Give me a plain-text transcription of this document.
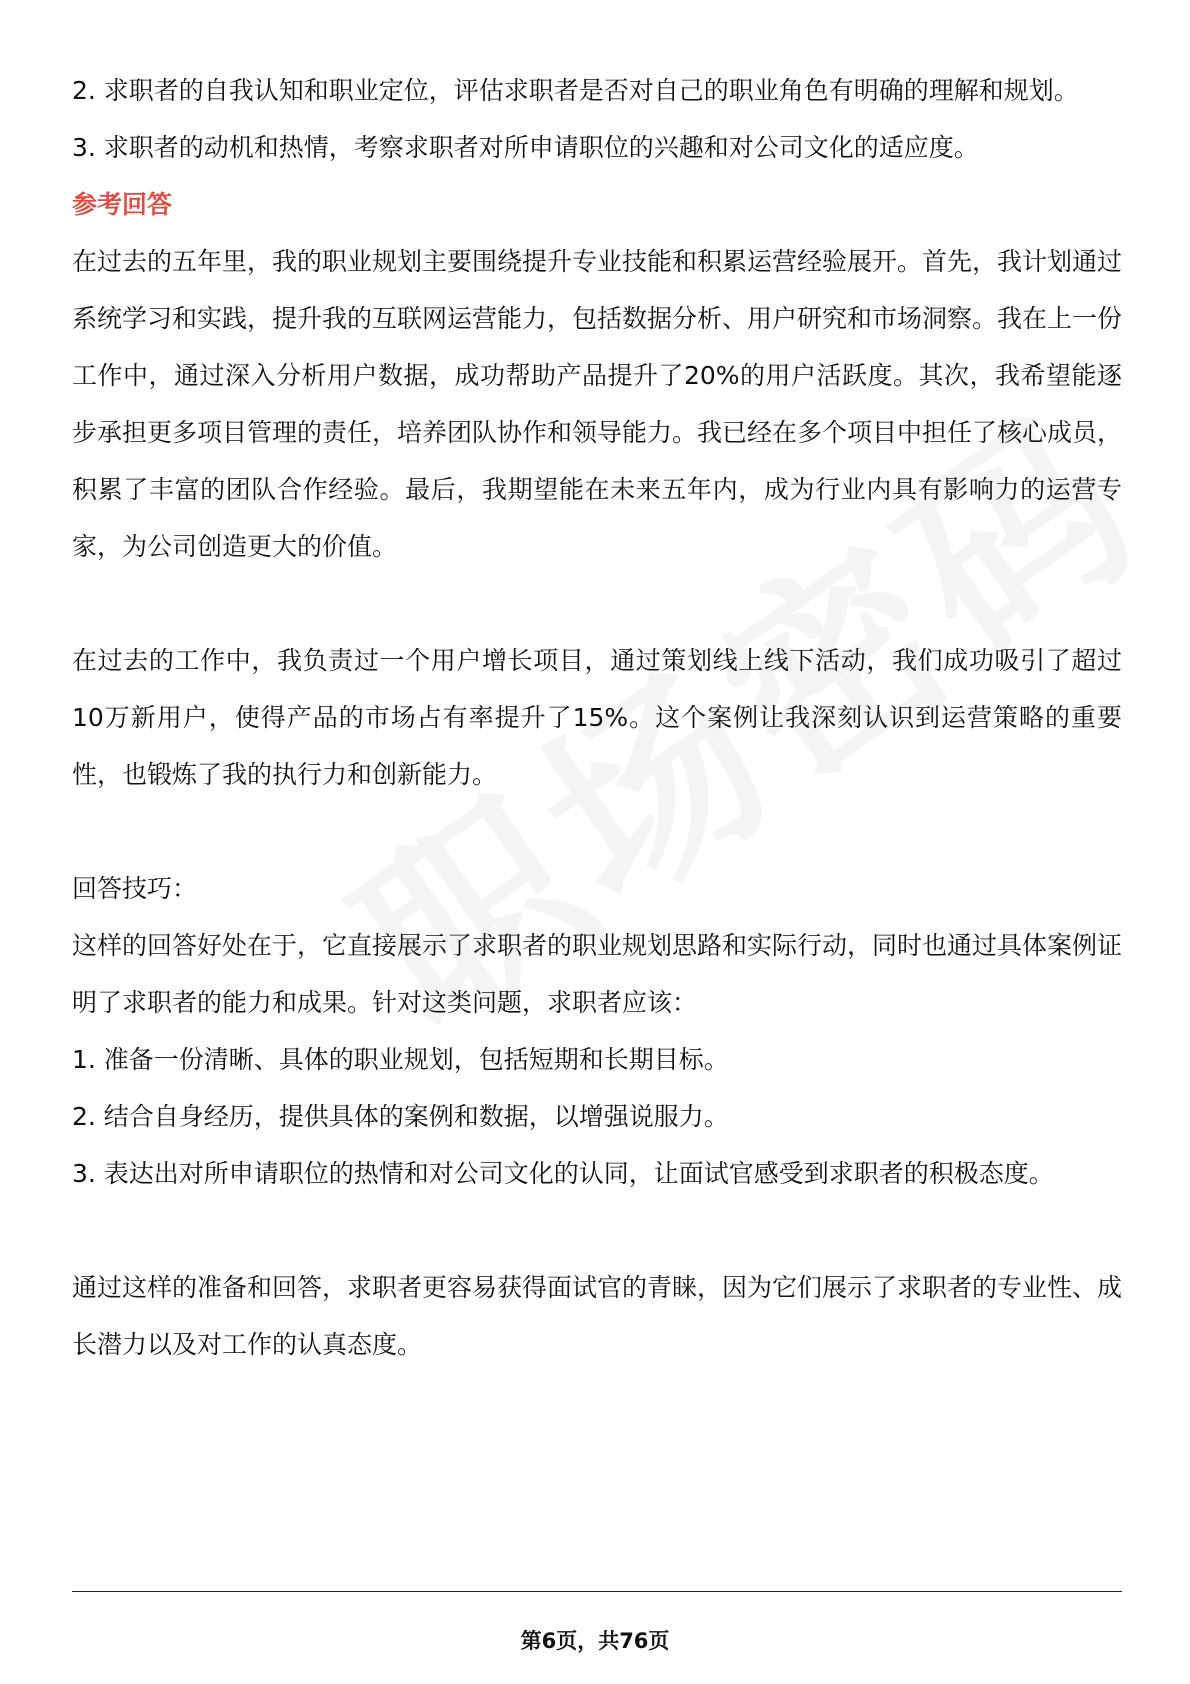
2. 求职者的自我认知和职业定位，评估求职者是否对自己的职业角色有明确的理解和规划。

3. 求职者的动机和热情，考察求职者对所申请职位的兴趣和对公司文化的适应度。

参考回答

在过去的五年里，我的职业规划主要围绕提升专业技能和积累运营经验展开。首先，我计划通过系统学习和实践，提升我的互联网运营能力，包括数据分析、用户研究和市场洞察。我在上一份工作中，通过深入分析用户数据，成功帮助产品提升了20%的用户活跃度。其次，我希望能逐步承担更多项目管理的责任，培养团队协作和领导能力。我已经在多个项目中担任了核心成员，积累了丰富的团队合作经验。最后，我期望能在未来五年内，成为行业内具有影响力的运营专家，为公司创造更大的价值。

在过去的工作中，我负责过一个用户增长项目，通过策划线上线下活动，我们成功吸引了超过10万新用户，使得产品的市场占有率提升了15%。这个案例让我深刻认识到运营策略的重要性，也锻炼了我的执行力和创新能力。

回答技巧：

这样的回答好处在于，它直接展示了求职者的职业规划思路和实际行动，同时也通过具体案例证明了求职者的能力和成果。针对这类问题，求职者应该：

1. 准备一份清晰、具体的职业规划，包括短期和长期目标。

2. 结合自身经历，提供具体的案例和数据，以增强说服力。

3. 表达出对所申请职位的热情和对公司文化的认同，让面试官感受到求职者的积极态度。

通过这样的准备和回答，求职者更容易获得面试官的青睐，因为它们展示了求职者的专业性、成长潜力以及对工作的认真态度。

第6页，共76页
